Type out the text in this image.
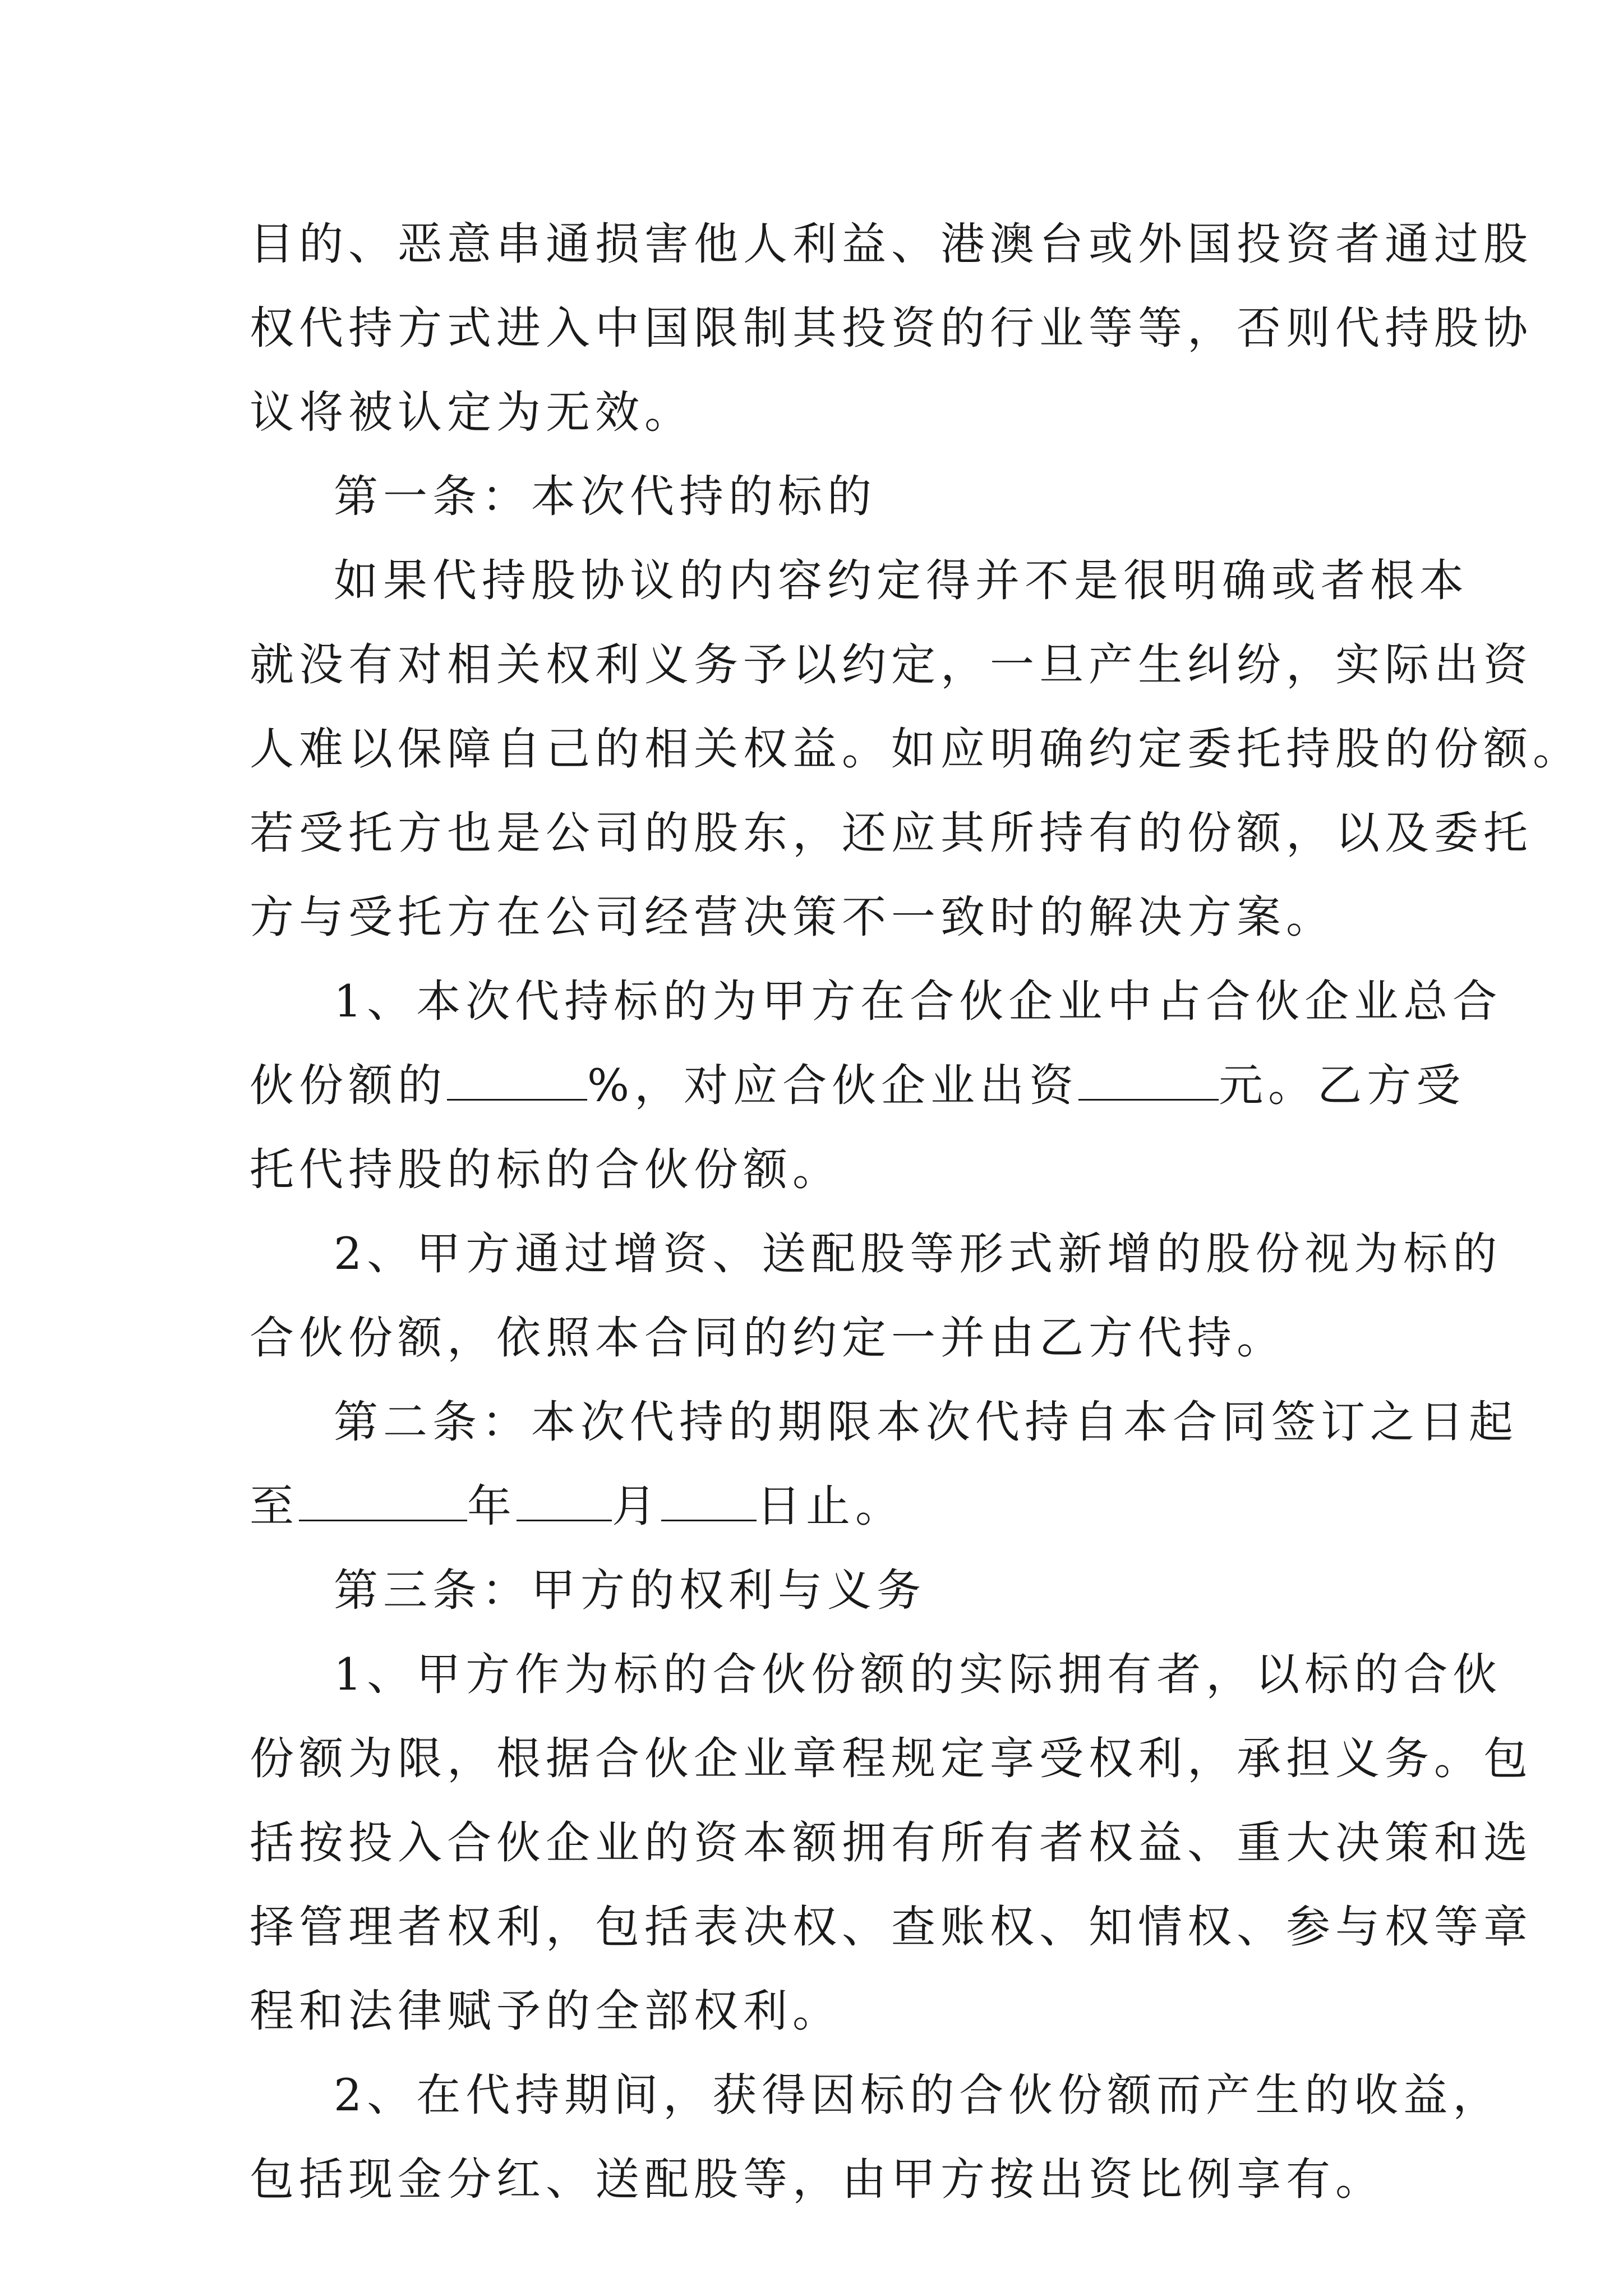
目的、恶意串通损害他人利益、港澳台或外国投资者通过股

权代持方式进入中国限制其投资的行业等等，否则代持股协

议将被认定为无效。

第一条：本次代持的标的

如果代持股协议的内容约定得并不是很明确或者根本

就没有对相关权利义务予以约定，一旦产生纠纷，实际出资

人难以保障自己的相关权益。如应明确约定委托持股的份额。

若受托方也是公司的股东，还应其所持有的份额，以及委托

方与受托方在公司经营决策不一致时的解决方案。

1、本次代持标的为甲方在合伙企业中占合伙企业总合

伙份额的	%，对应合伙企业出资	元。乙方受

托代持股的标的合伙份额。

2、甲方通过增资、送配股等形式新增的股份视为标的

合伙份额，依照本合同的约定一并由乙方代持。

第二条：本次代持的期限本次代持自本合同签订之日起

至	年 月 日止。

第三条：甲方的权利与义务

1、甲方作为标的合伙份额的实际拥有者，以标的合伙

份额为限，根据合伙企业章程规定享受权利，承担义务。包

括按投入合伙企业的资本额拥有所有者权益、重大决策和选

择管理者权利，包括表决权、查账权、知情权、参与权等章

程和法律赋予的全部权利。

2、在代持期间，获得因标的合伙份额而产生的收益，

包括现金分红、送配股等，由甲方按出资比例享有。
